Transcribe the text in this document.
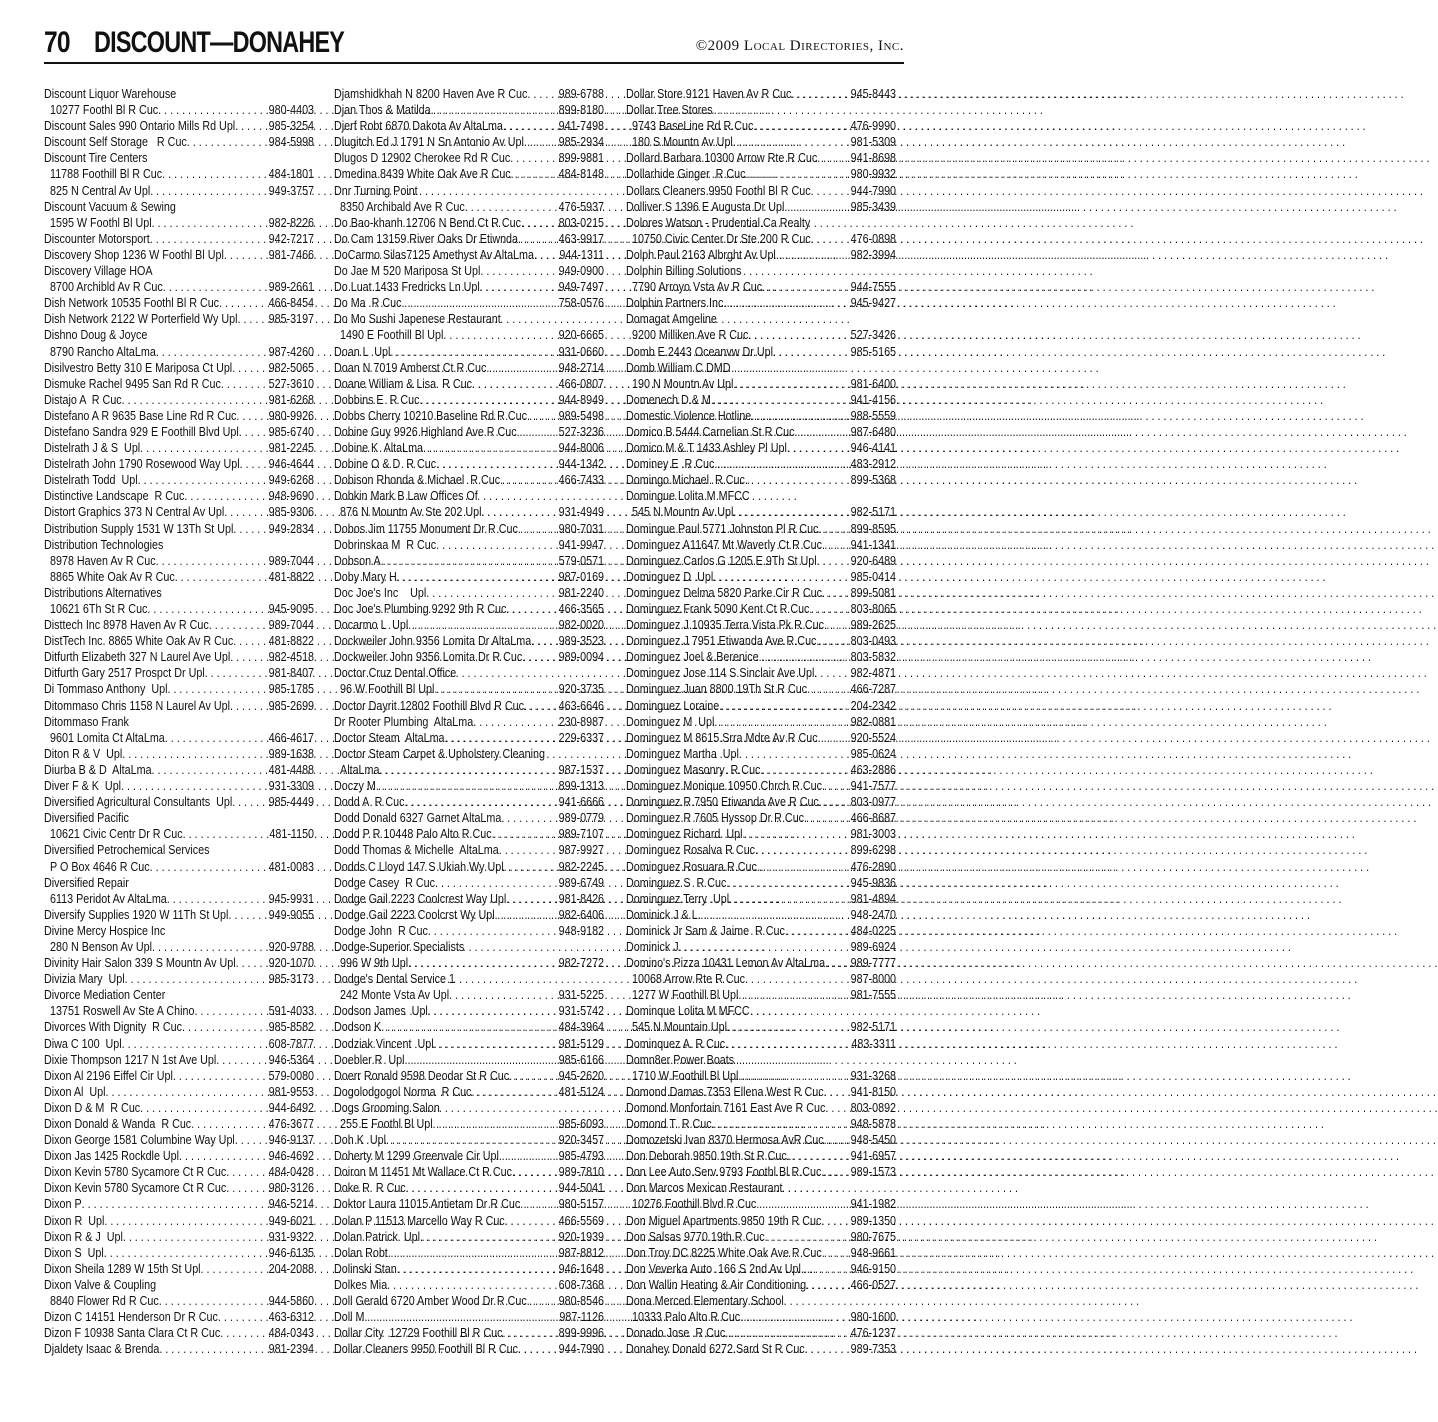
70 DISCOUNT—DONAHEY	©2009 Local Directories, Inc.
Discount Liquor Warehouse
10277 Foothl Bl R Cuc . . .	980-4403
Discount Sales 990 Ontario Mills Rd Upl . . .	985-3254
Discount Self Storage   R Cuc . . .	984-5998
Discount Tire Centers
11788 Foothill Bl R Cuc . . .	484-1801
825 N Central Av Upl . . .	949-3757
Discount Vacuum & Sewing
1595 W Foothl Bl Upl . . .	982-8226
Discounter Motorsport . . .	942-7217
Discovery Shop 1236 W Foothl Bl Upl . . .	981-7466
Discovery Village HOA
8700 Archibld Av R Cuc . . .	989-2661
Dish Network 10535 Foothl Bl R Cuc . . .	466-8454
Dish Network 2122 W Porterfield Wy Upl . . . 985-3197
Dishno Doug & Joyce
8790 Rancho AltaLma . . .	987-4260
Disilvestro Betty 310 E Mariposa Ct Upl . . .	982-5065
Dismuke Rachel 9495 San Rd R Cuc . . .	527-3610
Distajo A  R Cuc . . .	981-6268
Distefano A R 9635 Base Line Rd R Cuc . . .	980-9926
Distefano Sandra 929 E Foothill Blvd Upl . . . 985-6740
Distelrath J & S  Upl . . .	981-2245
Distelrath John 1790 Rosewood Way Upl . . . 946-4644
Distelrath Todd  Upl . . .	949-6268
Distinctive Landscape  R Cuc . . .	948-9690
Distort Graphics 373 N Central Av Upl . . .	985-9306
Distribution Supply 1531 W 13Th St Upl . . .	949-2834
Distribution Technologies
8978 Haven Av R Cuc . . .	989-7044
8865 White Oak Av R Cuc . . .	481-8822
Distributions Alternatives
10621 6Th St R Cuc . . .	945-9095
Disttech Inc 8978 Haven Av R Cuc . . .	989-7044
DistTech Inc. 8865 White Oak Av R Cuc . . .	481-8822
Ditfurth Elizabeth 327 N Laurel Ave Upl . . .	982-4518
Ditfurth Gary 2517 Prospct Dr Upl . . .	981-8407
Di Tommaso Anthony  Upl . . .	985-1785
Ditommaso Chris 1158 N Laurel Av Upl . . .	985-2699
Ditommaso Frank
9601 Lomita Ct AltaLma . . .	466-4617
Diton R & V  Upl . . .	989-1638
Diurba B & D  AltaLma . . .	481-4488
Diver F & K  Upl . . .	931-3309
Diversified Agricultural Consultants  Upl . . .	985-4449
Diversified Pacific
10621 Civic Centr Dr R Cuc . . .	481-1150
Diversified Petrochemical Services
P O Box 4646 R Cuc . . .	481-0083
Diversified Repair
6113 Peridot Av AltaLma . . .	945-9931
Diversify Supplies 1920 W 11Th St Upl . . .	949-9055
Divine Mercy Hospice Inc
280 N Benson Av Upl . . .	920-9788
Divinity Hair Salon 339 S Mountn Av Upl . . .	920-1070
Divizia Mary  Upl . . .	985-3173
Divorce Mediation Center
13751 Roswell Av Ste A Chino . . .	591-4033
Divorces With Dignity  R Cuc . . .	985-8582
Diwa C 100  Upl . . .	608-7877
Dixie Thompson 1217 N 1st Ave Upl . . .	946-5364
Dixon Al 2196 Eiffel Cir Upl . . .	579-0080
Dixon Al  Upl . . .	981-9553
Dixon D & M  R Cuc . . .	944-6492
Dixon Donald & Wanda  R Cuc . . .	476-3677
Dixon George 1581 Columbine Way Upl . . .	946-9137
Dixon Jas 1425 Rockdle Upl . . .	946-4692
Dixon Kevin 5780 Sycamore Ct R Cuc . . .	484-0428
Dixon Kevin 5780 Sycamore Ct R Cuc . . .	980-3126
Dixon P . . .	946-5214
Dixon R  Upl . . .	949-6021
Dixon R & J  Upl . . .	931-9322
Dixon S  Upl . . .	946-6135
Dixon Sheila 1289 W 15th St Upl . . .	204-2088
Dixon Valve & Coupling
8840 Flower Rd R Cuc . . .	944-5860
Dizon C 14151 Henderson Dr R Cuc . . .	463-6312
Dizon F 10938 Santa Clara Ct R Cuc . . .	484-0343
Djaldety Isaac & Brenda . . .	981-2394
Djamshidkhah N 8200 Haven Ave R Cuc . . . 989-6788
Djan Thos & Matilda . . .	899-8180
Djerf Robt 6870 Dakota Av AltaLma . . .	941-7498
Dlugitch Ed J 1791 N Sn Antonio Av Upl . . .	985-2934
Dlugos D 12902 Cherokee Rd R Cuc . . .	899-9881
Dmedina 8439 White Oak Ave R Cuc . . .	484-8148
Dnr Turning Point
8350 Archibald Ave R Cuc . . .	476-5937
Do Bao-khanh 12706 N Bend Ct R Cuc . . .	803-0215
Do Cam 13159 River Oaks Dr Etiwnda . . .	463-9917
DoCarmo Silas7125 Amethyst Av AltaLma . . . 944-1311
Do Jae M 520 Mariposa St Upl . . .	949-0900
Do Luat 1433 Fredricks Ln Upl . . .	949-7497
Do Ma  R Cuc . . .	758-0576
Do Mo Sushi Japenese Restaurant
1490 E Foothill Bl Upl . . .	920-6665
Doan L  Upl . . .	931-0660
Doan N 7019 Amherst Ct R Cuc . . .	948-2714
Doane William & Lisa  R Cuc . . .	466-0807
Dobbins E  R Cuc . . .	944-8949
Dobbs Cherry 10210 Baseline Rd R Cuc . . .	989-5498
Dobine Guy 9926 Highland Ave R Cuc . . .	527-3236
Dobine K  AltaLma . . .	944-8006
Dobine O & D  R Cuc . . .	944-1342
Dobison Rhonda & Michael  R Cuc . . .	466-7433
Dobkin Mark B Law Offices Of
876 N Mountn Av Ste 202 Upl . . .	931-4949
Dobos Jim 11755 Monument Dr R Cuc . . .	980-7031
Dobrinskaa M  R Cuc . . .	941-9947
Dobson A . . .	579-0571
Doby Mary H . . .	987-0169
Doc Joe's Inc    Upl . . .	981-2240
Doc Joe's Plumbing 9292 9th R Cuc . . .	466-3565
Docarmo L  Upl . . .	982-0020
Dockweiler John 9356 Lomita Dr AltaLma . . . 989-3523
Dockweiler John 9356 Lomita Dr R Cuc . . .	989-0094
Doctor Cruz Dental Office
96 W Foothill Bl Upl . . .	920-3735
Doctor Dayrit 12802 Foothill Blvd R Cuc . . .	463-6646
Dr Rooter Plumbing  AltaLma . . .	230-8987
Doctor Steam  AltaLma . . .	229-6337
Doctor Steam Carpet & Upholstery Cleaning
AltaLma . . .	987-1537
Doczy M . . .	899-1313
Dodd A  R Cuc . . .	941-6666
Dodd Donald 6327 Garnet AltaLma . . .	989-0779
Dodd P R 10448 Palo Alto R Cuc . . .	989-7107
Dodd Thomas & Michelle  AltaLma . . .	987-9927
Dodds C Lloyd 147 S Ukiah Wy Upl . . .	982-2245
Dodge Casey  R Cuc . . .	989-6749
Dodge Gail 2223 Coolcrest Way Upl . . .	981-8426
Dodge Gail 2223 Coolcrst Wy Upl . . .	982-6406
Dodge John  R Cuc . . .	948-9182
Dodge-Superior Specialists
996 W 9th Upl . . .	982-7272
Dodge's Dental Service 1
242 Monte Vsta Av Upl . . .	931-5225
Dodson James  Upl . . .	931-5742
Dodson K . . .	484-3964
Dodziak Vincent  Upl . . .	981-5129
Doebler R  Upl . . .	985-6166
Doerr Ronald 9598 Deodar St R Cuc . . .	945-2620
Dogolodgogol Norma  R Cuc . . .	481-5124
Dogs Grooming Salon
255 E Foothl Bl Upl . . .	985-6093
Doh K  Upl . . .	920-3457
Doherty M 1299 Greenvale Cir Upl . . .	985-4793
Doiron M 11451 Mt Wallace Ct R Cuc . . .	989-7810
Doke R  R Cuc . . .	944-5041
Doktor Laura 11015 Antietam Dr R Cuc . . .	980-5157
Dolan P 11513 Marcello Way R Cuc . . .	466-5569
Dolan Patrick  Upl . . .	920-1939
Dolan Robt . . .	987-8812
Dolinski Stan . . .	946-1648
Dolkes Mia . . .	608-7368
Doll Gerald 6720 Amber Wood Dr R Cuc . . .	980-8546
Doll M . . .	987-1126
Dollar City  12729 Foothill Bl R Cuc . . .	899-9996
Dollar Cleaners 9950 Foothill Bl R Cuc . . .	944-7990
Dollar Store 9121 Haven Av R Cuc . . .	945-8443
Dollar Tree Stores
9743 BaseLine Rd R Cuc . . .	476-9990
180 S Mountn Av Upl . . .	981-5309
Dollard Barbara 10300 Arrow Rte R Cuc . . .	941-8698
Dollarhide Ginger  R Cuc . . .	980-9932
Dollars Cleaners 9950 Foothl Bl R Cuc . . .	944-7990
Dolliver S 1396 E Augusta Dr Upl . . .	985-3439
Dolores Watson - Prudential Ca Realty
10750 Civic Center Dr Ste 200 R Cuc . . .	476-0898
Dolph Paul 2163 Albrght Av Upl . . .	982-3994
Dolphin Billing Solutions
7790 Arroyo Vsta Av R Cuc . . .	944-7555
Dolphin Partners Inc . . .	945-9427
Domagat Amgeline
9200 Milliken Ave R Cuc . . .	527-3426
Domb E 2443 Oceanvw Dr Upl . . .	985-5165
Domb William C DMD
190 N Mountn Av Upl . . .	981-6400
Domenech D & M . . .	941-4156
Domestic Violence Hotline . . .	988-5559
Domico B 5444 Carnelian St R Cuc . . .	987-6480
Domico M & T 1433 Ashley Pl Upl . . .	946-4141
Dominey E  R Cuc . . .	483-2912
Domingo Michael  R Cuc . . .	899-5368
Domingue Lolita M MFCC
545 N Mountn Av Upl . . .	982-5171
Domingue Paul 5771 Johnston Pl R Cuc . . .	899-8595
Dominguez A11647 Mt Waverly Ct R Cuc . . . 941-1341
Dominguez Carlos G 1205 E 9Th St Upl . . .	920-6489
Dominguez D  Upl . . .	985-0414
Dominguez Delma 5820 Parke Cir R Cuc . . . 899-5081
Dominguez Frank 5090 Kent Ct R Cuc . . .	803-8065
Dominguez J 10935 Terra Vista Pk R Cuc . . . 989-2625
Dominguez J 7951 Etiwanda Ave R Cuc . . .	803-0493
Dominguez Joel & Berenice . . .	803-5832
Dominguez Jose 114 S Sinclair Ave Upl . . .	982-4871
Dominguez Juan 8800 19Th St R Cuc . . .	466-7287
Dominguez Loraine . . .	204-2342
Dominguez M  Upl . . .	982-0881
Dominguez M 8615 Srra Mdre Av R Cuc . . .	920-5524
Dominguez Martha  Upl . . .	985-0624
Dominguez Masonry  R Cuc . . .	463-2886
Dominguez Monique 10950 Chrch R Cuc . . . 941-7577
Dominguez R 7950 Etiwanda Ave R Cuc . . .	803-0977
Dominguez R 7605 Hyssop Dr R Cuc . . .	466-8687
Dominguez Richard  Upl . . .	981-3003
Dominguez Rosalva R Cuc . . .	899-6298
Dominguez Rosuara R Cuc . . .	476-2890
Dominguez S  R Cuc . . .	945-9836
Dominguez Terry  Upl . . .	981-4894
Dominick J & L . . .	948-2470
Dominick Jr Sam & Jaime  R Cuc . . .	484-0225
Dominick J . . .	989-6924
Domino's Pizza 10431 Lemon Av AltaLma . . . 989-7777
10068 Arrow Rte R Cuc . . .	987-8000
1277 W Foothill Bl Upl . . .	981-7555
Dominque Lolita M MFCC
545 N Mountain Upl . . .	982-5171
Dominquez A  R Cuc . . .	483-3311
Domn8er Power Boats
1710 W Foothill Bl Upl . . .	931-3268
Domond Damas 7353 Ellena West R Cuc . . . 941-8150
Domond Monfortain 7161 East Ave R Cuc . . . 803-0892
Domond T  R Cuc . . .	948-5878
Domozetski Ivan 8370 Hermosa AvR Cuc . . . 948-5450
Don Deborah 9850 19th St R Cuc . . .	941-6957
Don Lee Auto Serv 9793 Foothl Bl R Cuc . . . 989-1573
Don Marcos Mexican Restaurant
10276 Foothill Blvd R Cuc . . .	941-1982
Don Miguel Apartments 9850 19th R Cuc . . . 989-1350
Don Salsas 9770 19th R Cuc . . .	980-7675
Don Troy DC 8225 White Oak Ave R Cuc . . . 948-9661
Don Veverka Auto  166 S 2nd Av Upl . . .	946-9150
Don Wallin Heating & Air Conditioning . . .	466-0527
Dona Merced Elementary School
10333 Palo Alto R Cuc . . .	980-1600
Donado Jose  R Cuc . . .	476-1237
Donahey Donald 6272 Sard St R Cuc . . .	989-7353
